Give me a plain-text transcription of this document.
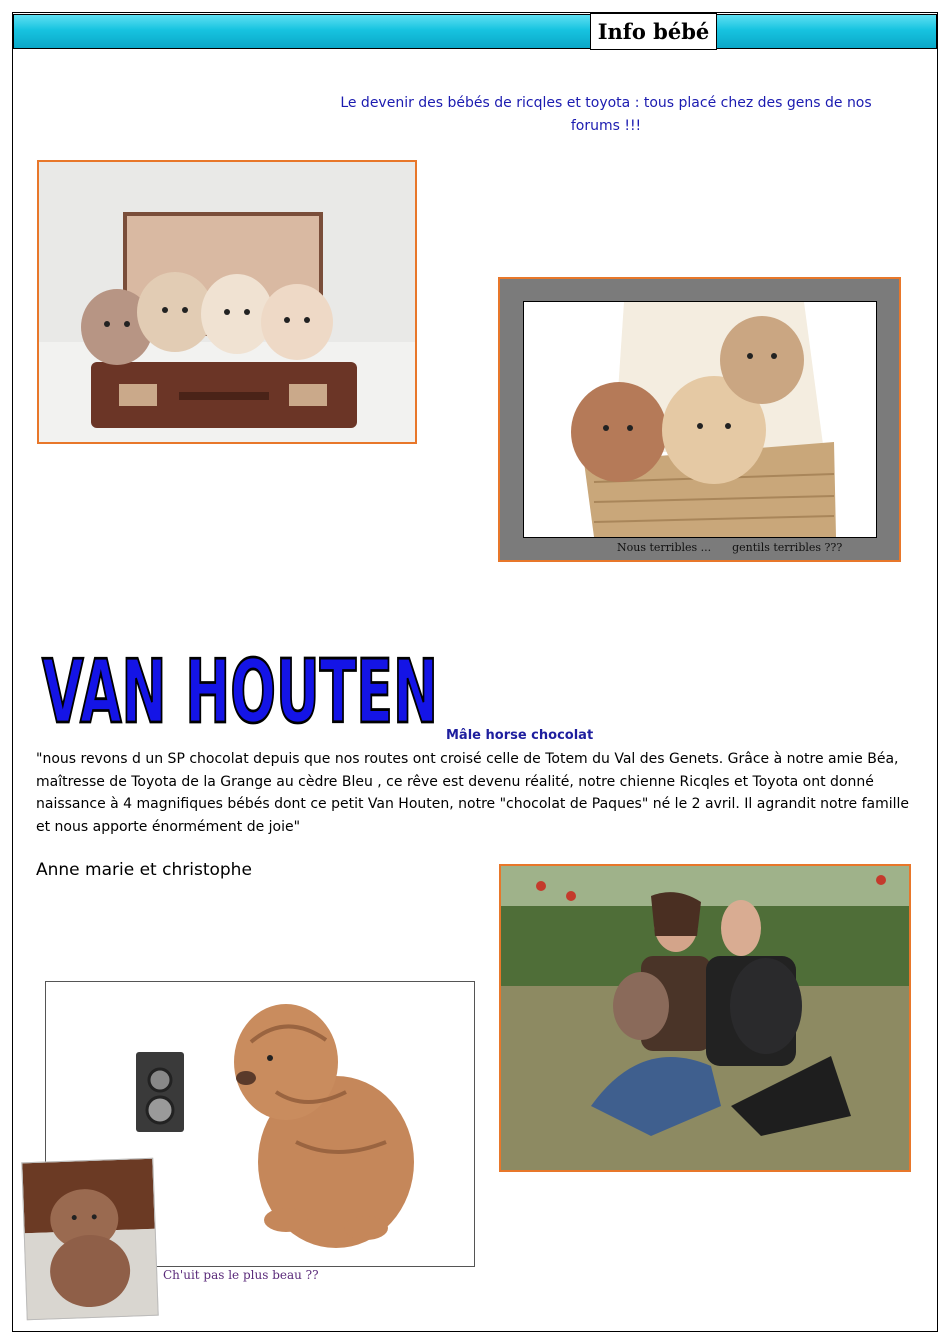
Info bébé
Le devenir des bébés de ricqles et toyota : tous placé chez des gens de nos forums !!!
Nous terribles ...      gentils terribles ???
VAN HOUTEN Mâle horse chocolat
"nous revons d un SP chocolat depuis que nos routes ont croisé celle de Totem du Val des Genets. Grâce à notre amie Béa,
maîtresse de Toyota de la Grange au cèdre Bleu , ce rêve est devenu réalité, notre chienne Ricqles et Toyota ont donné naissance à 4 magnifiques bébés dont ce petit Van Houten, notre "chocolat de Paques" né le 2 avril. Il agrandit notre famille et nous apporte énormément de joie"
Anne marie et christophe
Ch'uit pas le plus beau ??
